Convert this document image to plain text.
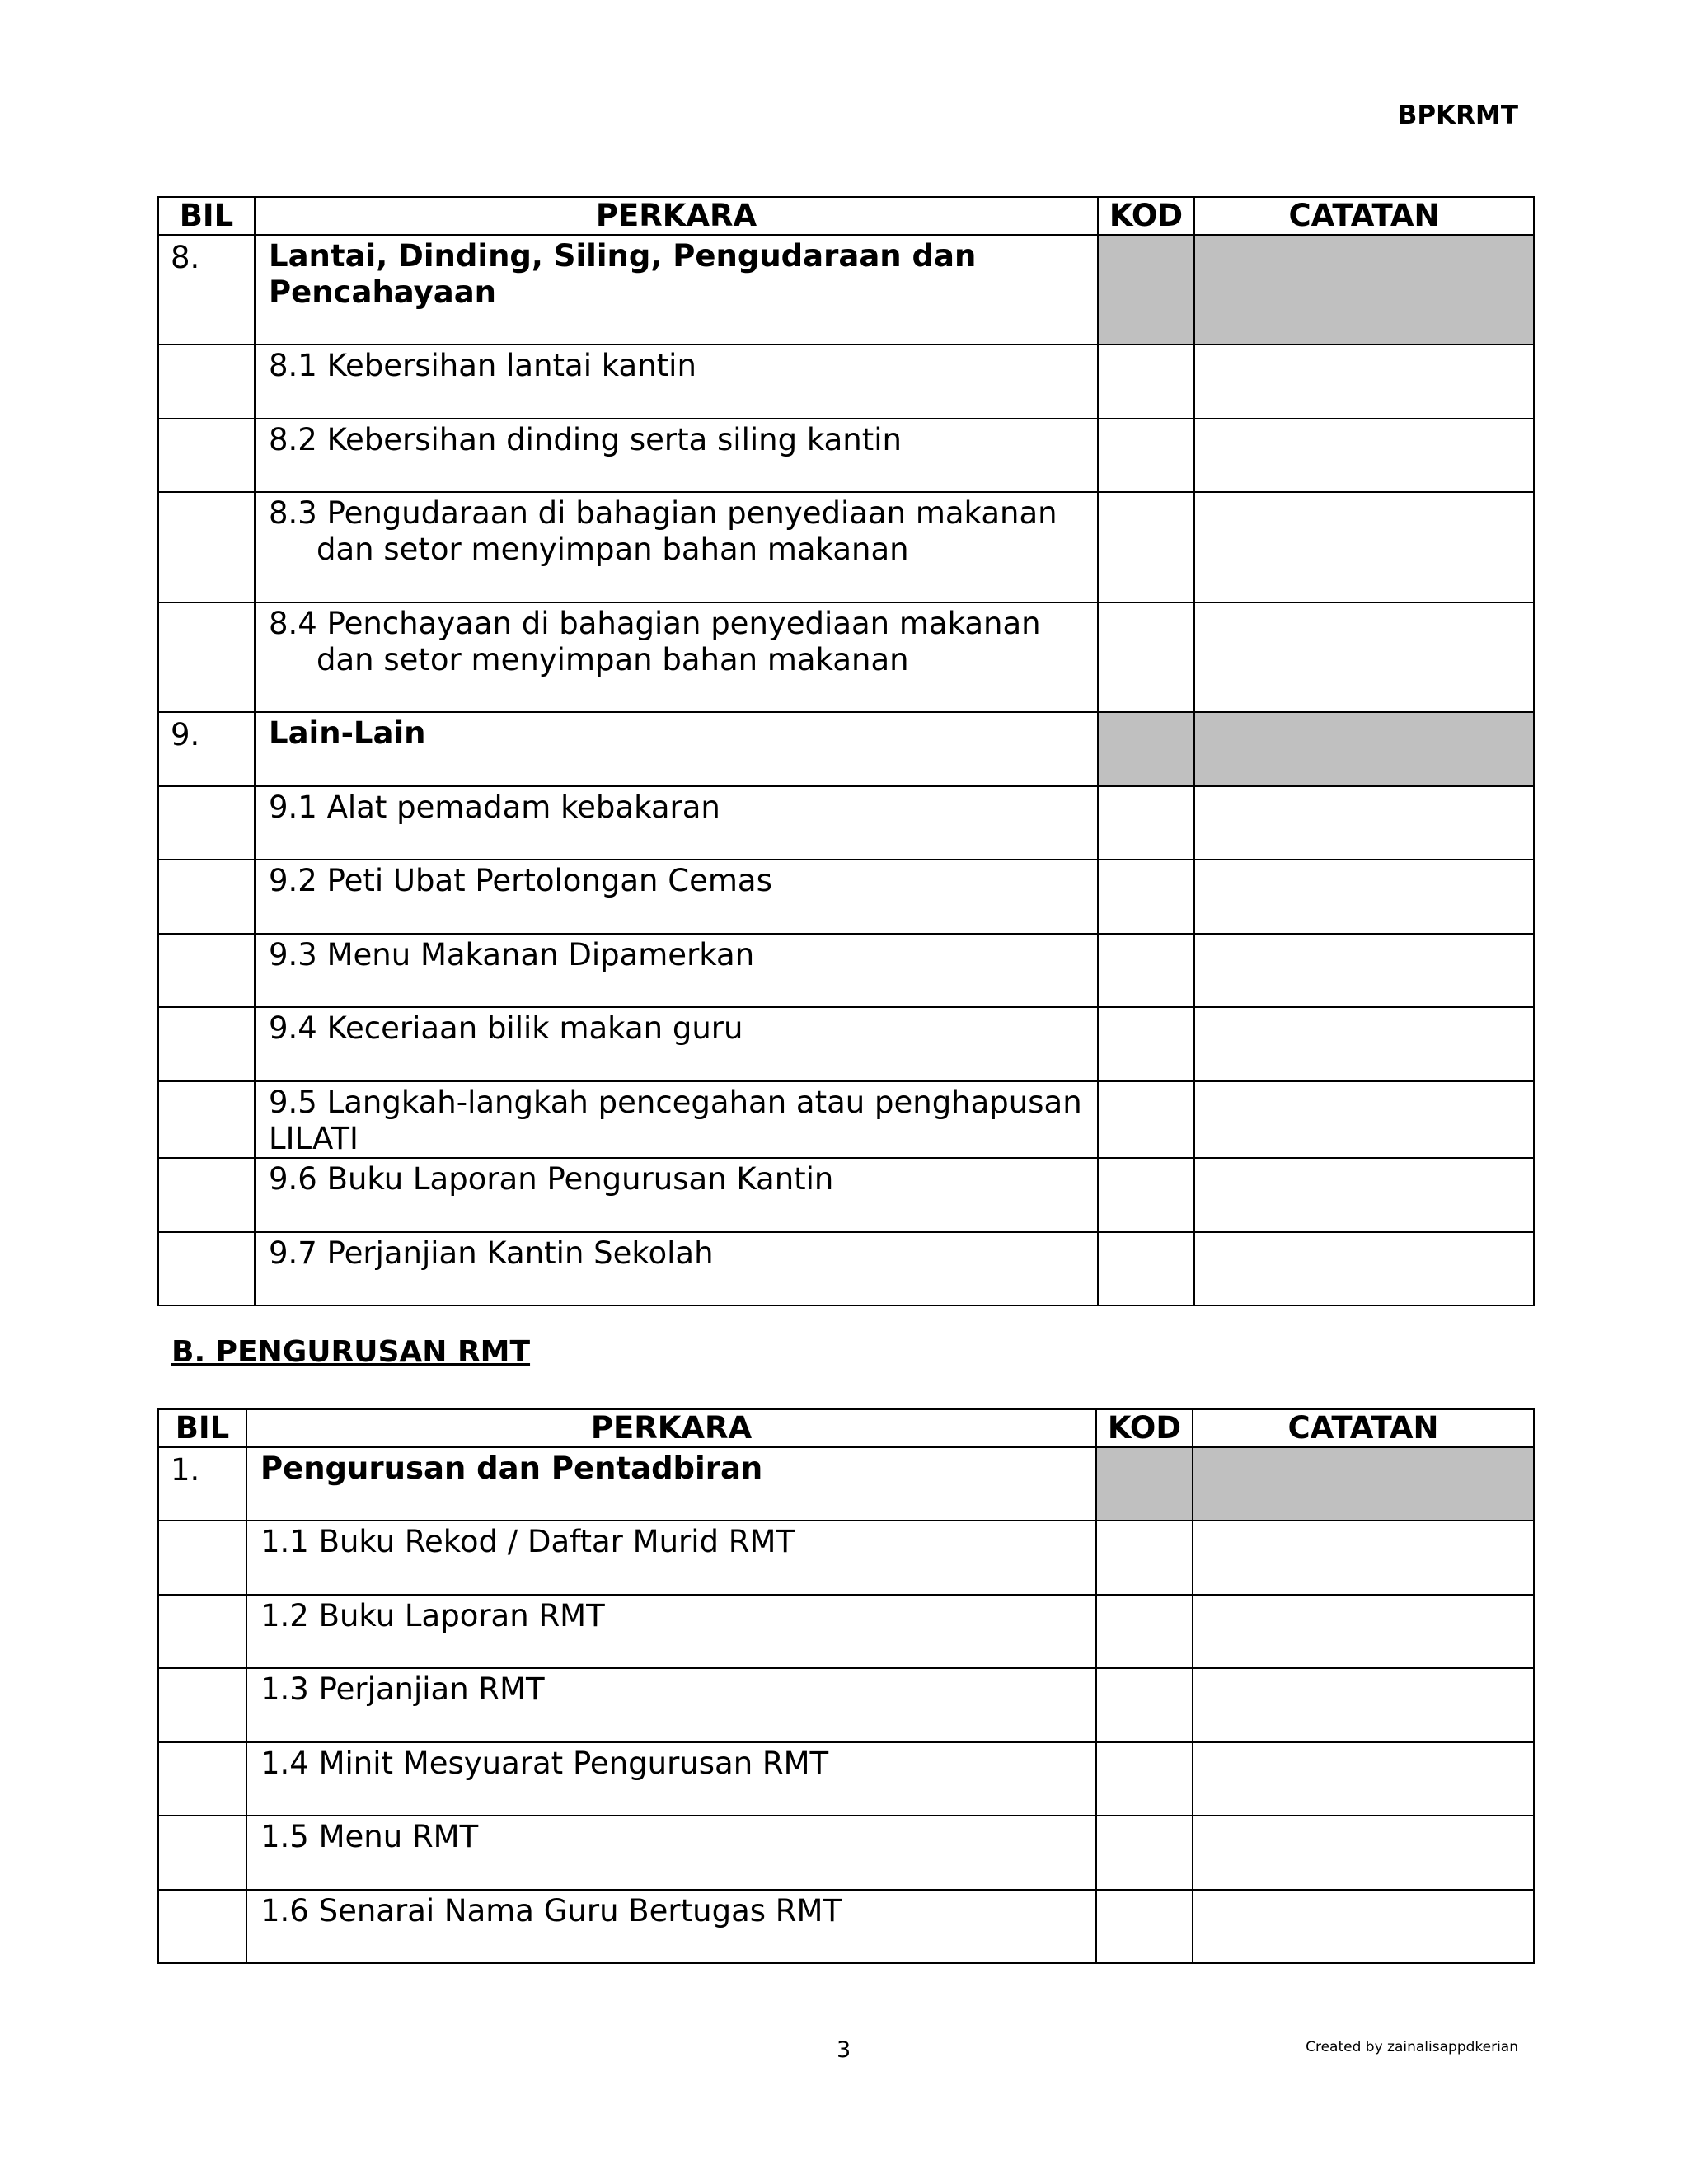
BPKRMT
BIL	PERKARA	KOD	CATATAN
8.	Lantai, Dinding, Siling, Pengudaraan dan Pencahayaan		
	8.1 Kebersihan lantai kantin		
	8.2 Kebersihan dinding serta siling kantin		

	8.3 Pengudaraan di bahagian penyediaan makanan dan setor menyimpan bahan makanan		

	8.4 Penchayaan di bahagian penyediaan makanan dan setor menyimpan bahan makanan		

9.	Lain-Lain		
	9.1 Alat pemadam kebakaran		
	9.2 Peti Ubat Pertolongan Cemas		
	9.3 Menu Makanan Dipamerkan		
	9.4 Keceriaan bilik makan guru		
	9.5 Langkah-langkah pencegahan atau penghapusan LILATI		
	9.6 Buku Laporan Pengurusan Kantin		
	9.7 Perjanjian Kantin Sekolah		
B. PENGURUSAN RMT
BIL	PERKARA	KOD	CATATAN
1.	Pengurusan dan Pentadbiran		
	1.1 Buku Rekod / Daftar Murid RMT		
	1.2 Buku Laporan RMT		
	1.3 Perjanjian RMT		
	1.4 Minit Mesyuarat Pengurusan RMT		
	1.5 Menu RMT		
	1.6 Senarai Nama Guru Bertugas RMT		
3	Created by zainalisappdkerian
